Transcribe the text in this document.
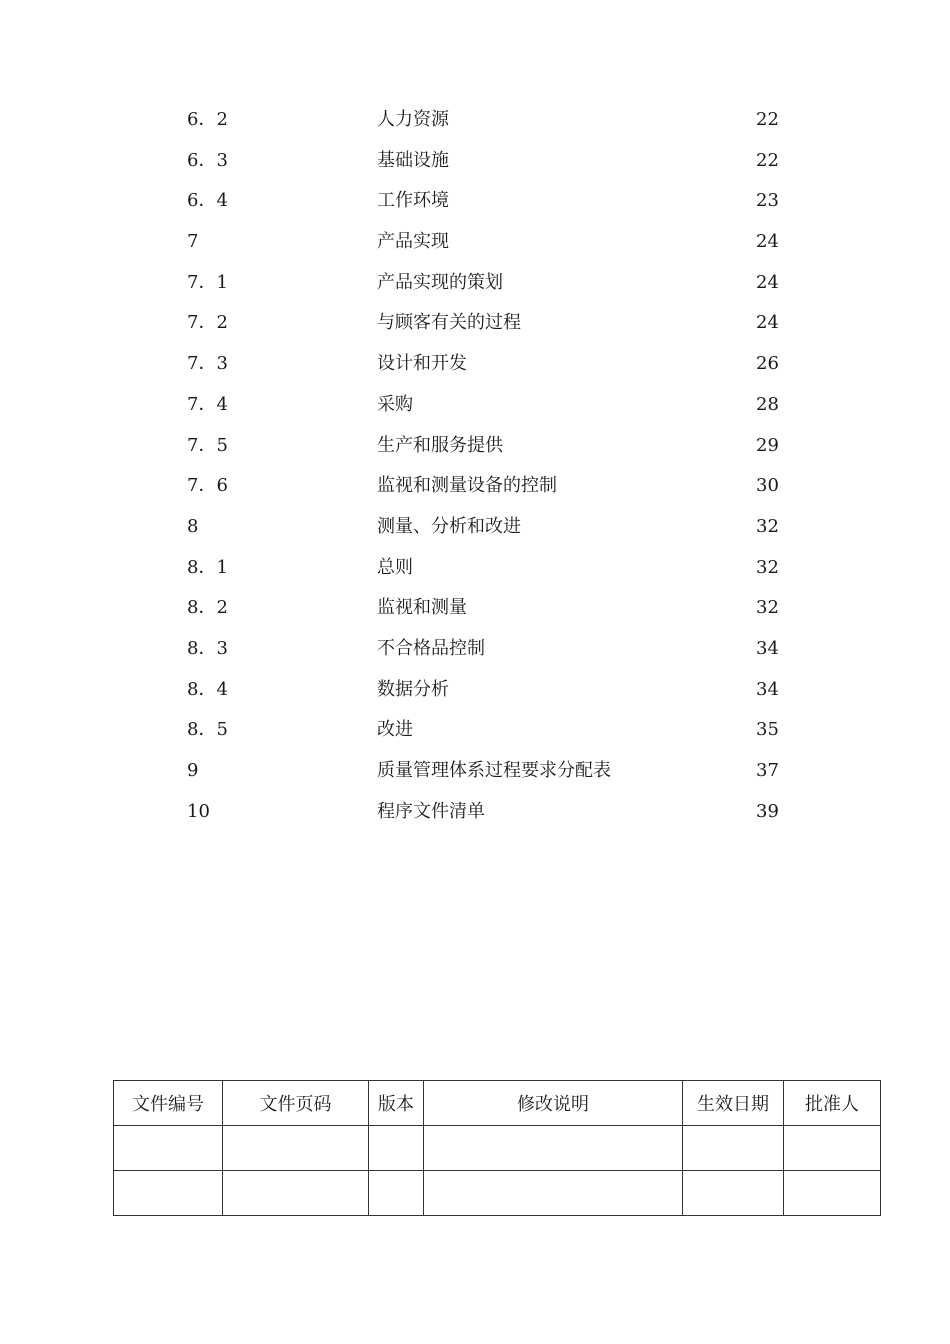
6．2	人力资源	22
6．3	基础设施	22
6．4	工作环境	23
7	产品实现	24
7．1	产品实现的策划	24
7．2	与顾客有关的过程	24
7．3	设计和开发	26
7．4	采购	28
7．5	生产和服务提供	29
7．6	监视和测量设备的控制	30
8	测量、分析和改进	32
8．1	总则	32
8．2	监视和测量	32
8．3	不合格品控制	34
8．4	数据分析	34
8．5	改进	35
9	质量管理体系过程要求分配表	37
10	程序文件清单	39
文件编号	文件页码	版本	修改说明	生效日期	批准人
